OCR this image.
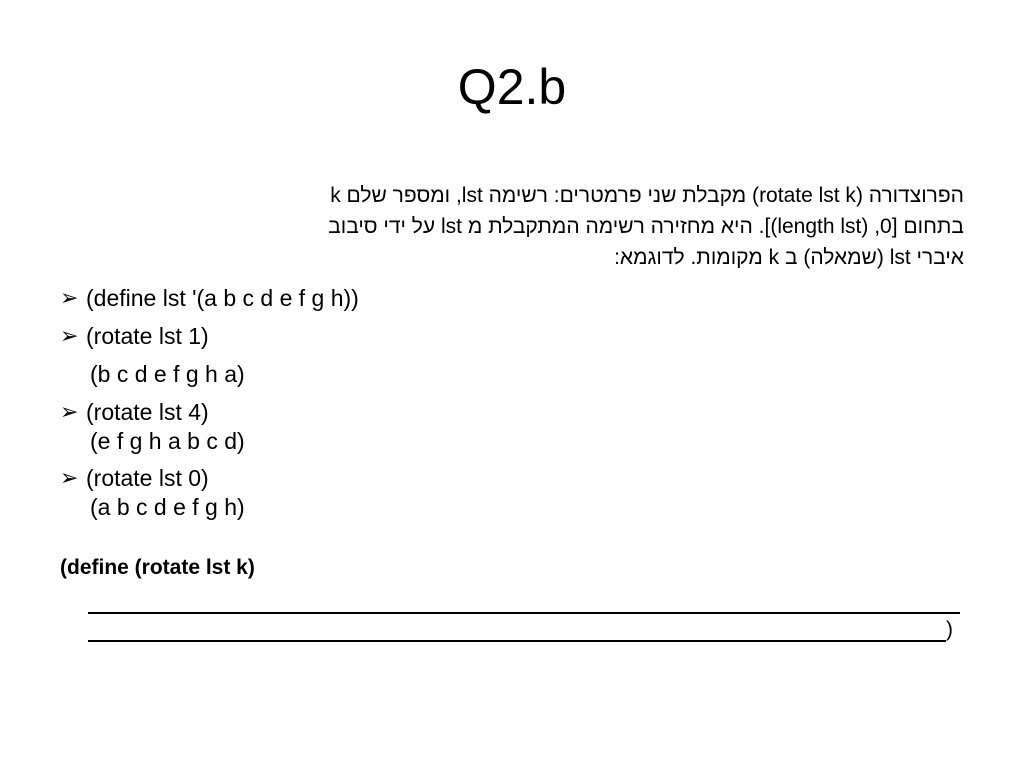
Q2.b
הפרוצדורה (rotate lst k) מקבלת שני פרמטרים: רשימה lst, ומספר שלם k
בתחום [0, (length lst)]. היא מחזירה רשימה המתקבלת מ lst על ידי סיבוב
איברי lst (שמאלה) ב k מקומות. לדוגמא:
➢ (define lst '(a b c d e f g h))
➢ (rotate lst 1)
(b c d e f g h a)
➢ (rotate lst 4)
(e f g h a b c d)
➢ (rotate lst 0)
(a b c d e f g h)
(define (rotate lst k)
)
